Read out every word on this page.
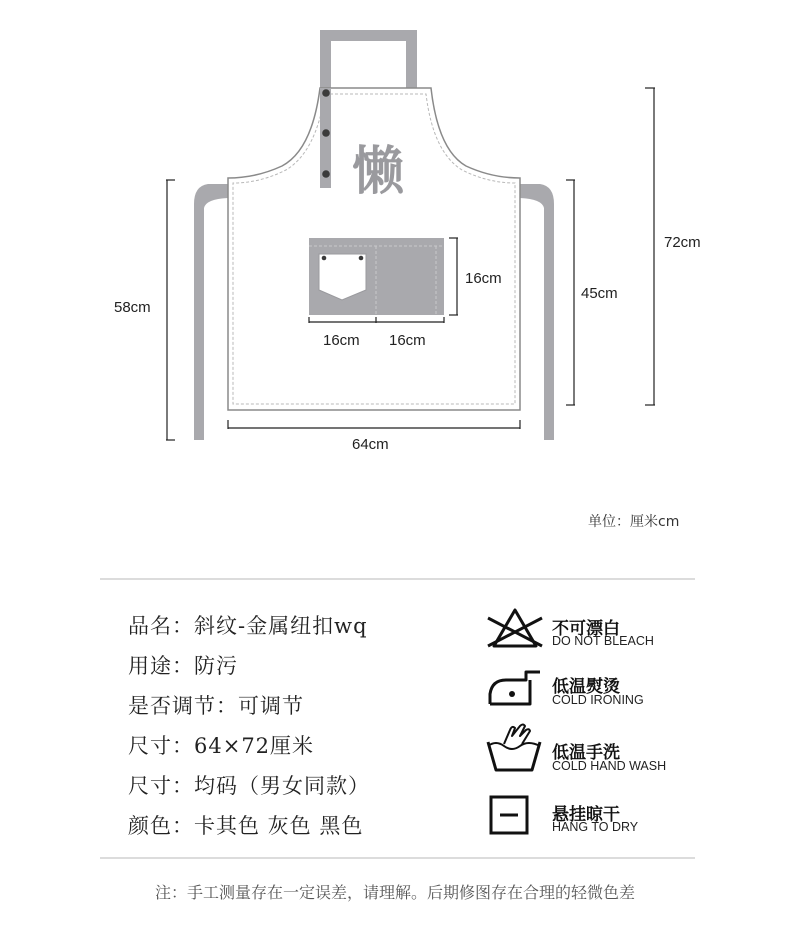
懒
72cm
45cm
58cm
16cm
16cm 16cm
64cm
单位：厘米cm
品名：斜纹-金属纽扣wq
用途：防污
是否调节：可调节
尺寸：64×72厘米
尺寸：均码（男女同款）
颜色：卡其色 灰色 黑色
不可漂白
DO NOT BLEACH
低温熨烫
COLD IRONING
低温手洗
COLD HAND WASH
悬挂晾干
HANG TO DRY
注：手工测量存在一定误差，请理解。后期修图存在合理的轻微色差
